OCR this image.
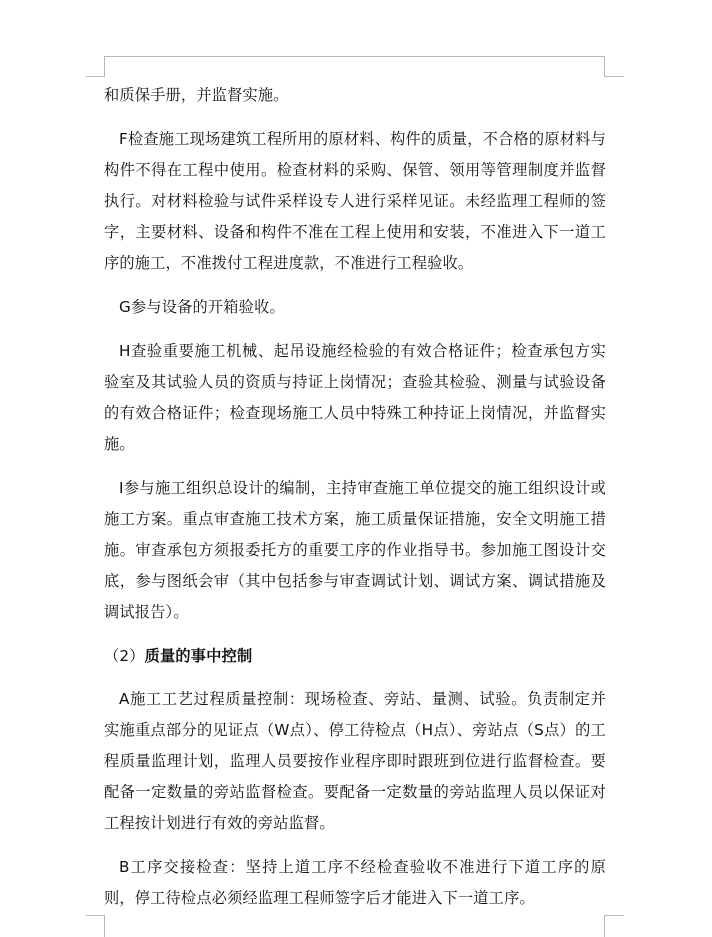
和质保手册，并监督实施。

F检查施工现场建筑工程所用的原材料、构件的质量，不合格的原材料与构件不得在工程中使用。检查材料的采购、保管、领用等管理制度并监督执行。对材料检验与试件采样设专人进行采样见证。未经监理工程师的签字，主要材料、设备和构件不准在工程上使用和安装，不准进入下一道工序的施工，不准拨付工程进度款，不准进行工程验收。

G参与设备的开箱验收。

H查验重要施工机械、起吊设施经检验的有效合格证件；检查承包方实验室及其试验人员的资质与持证上岗情况；查验其检验、测量与试验设备的有效合格证件；检查现场施工人员中特殊工种持证上岗情况，并监督实施。

I参与施工组织总设计的编制，主持审查施工单位提交的施工组织设计或施工方案。重点审查施工技术方案，施工质量保证措施，安全文明施工措施。审查承包方须报委托方的重要工序的作业指导书。参加施工图设计交底，参与图纸会审（其中包括参与审查调试计划、调试方案、调试措施及调试报告）。

（2）质量的事中控制

A施工工艺过程质量控制：现场检查、旁站、量测、试验。负责制定并实施重点部分的见证点（W点）、停工待检点（H点）、旁站点（S点）的工程质量监理计划，监理人员要按作业程序即时跟班到位进行监督检查。要配备一定数量的旁站监督检查。要配备一定数量的旁站监理人员以保证对工程按计划进行有效的旁站监督。

B工序交接检查：坚持上道工序不经检查验收不准进行下道工序的原则，停工待检点必须经监理工程师签字后才能进入下一道工序。
